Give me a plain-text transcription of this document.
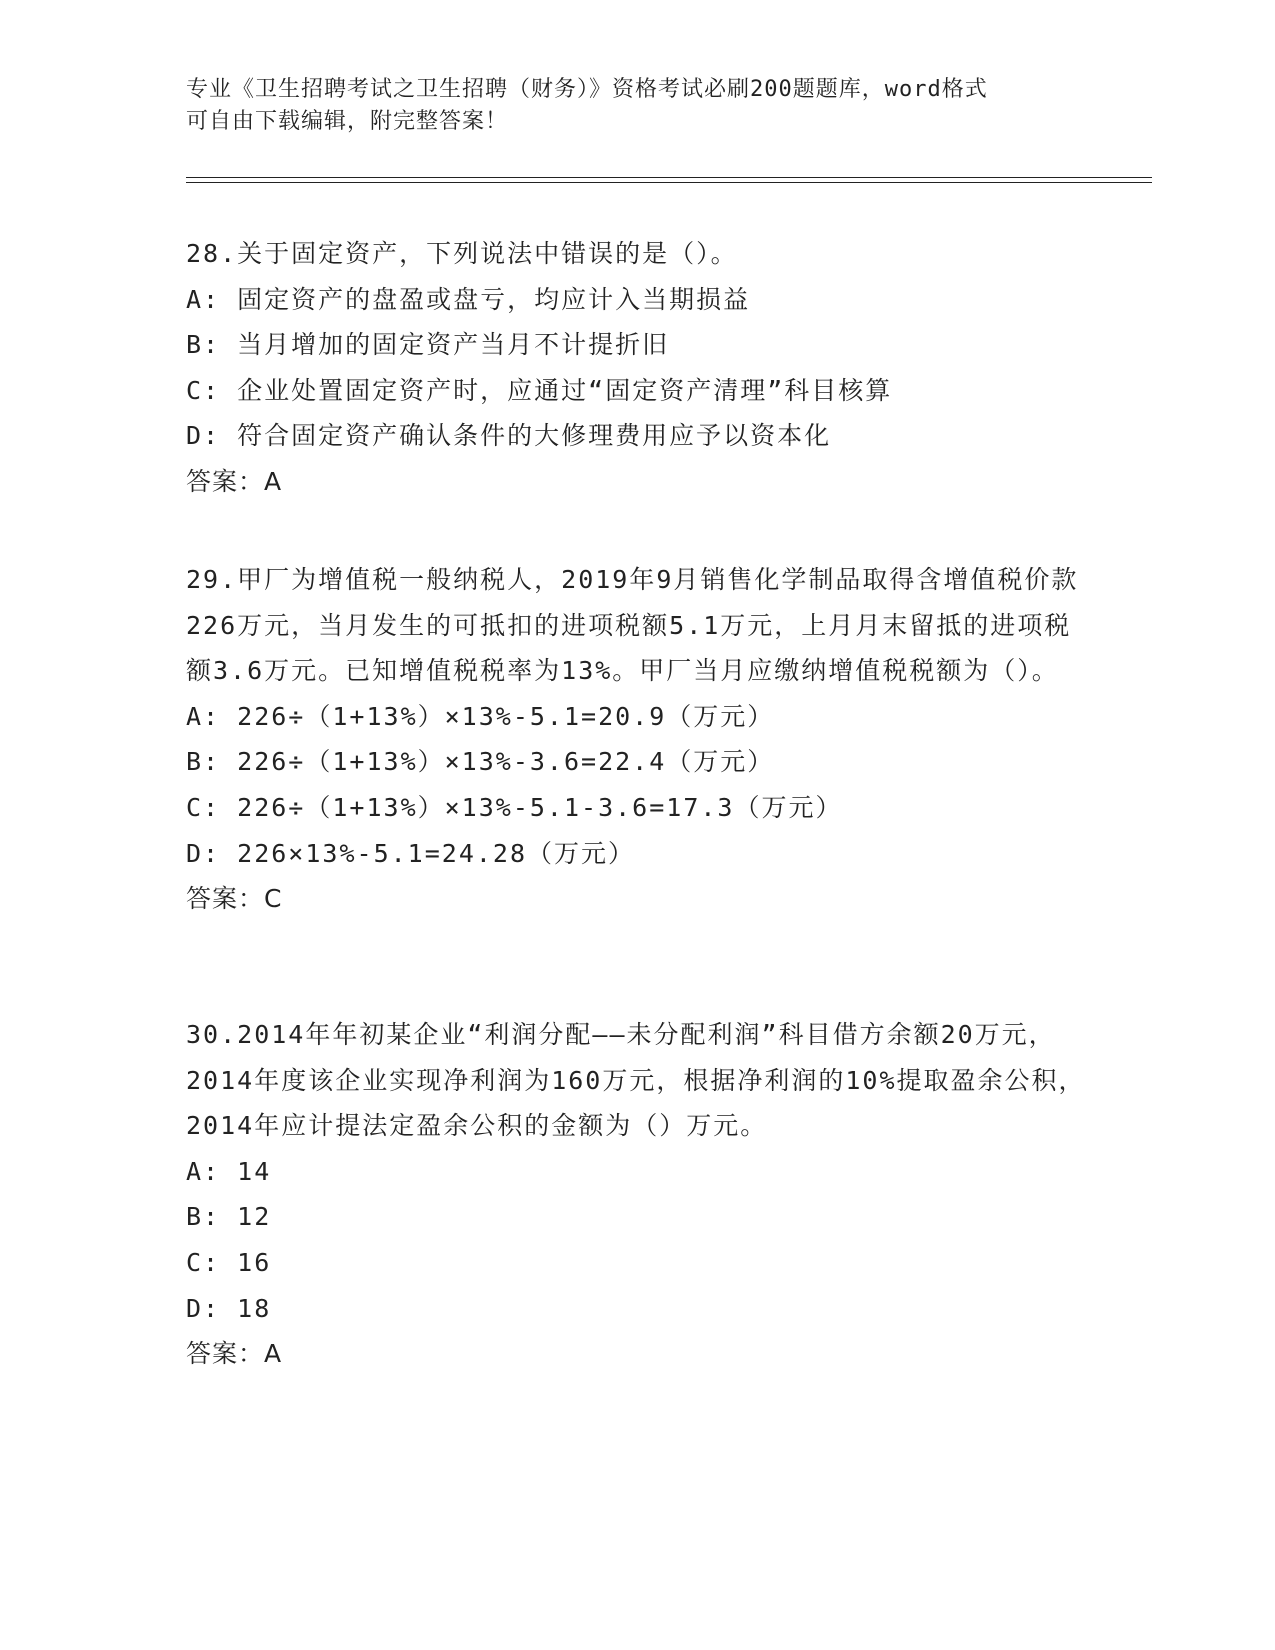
专业《卫生招聘考试之卫生招聘（财务）》资格考试必刷200题题库，word格式
可自由下载编辑，附完整答案！
28.关于固定资产，下列说法中错误的是（）。
A: 固定资产的盘盈或盘亏，均应计入当期损益
B: 当月增加的固定资产当月不计提折旧
C: 企业处置固定资产时，应通过“固定资产清理”科目核算
D: 符合固定资产确认条件的大修理费用应予以资本化
答案：A
29.甲厂为增值税一般纳税人，2019年9月销售化学制品取得含增值税价款226万元，当月发生的可抵扣的进项税额5.1万元，上月月末留抵的进项税额3.6万元。已知增值税税率为13%。甲厂当月应缴纳增值税税额为（）。
A: 226÷（1+13%）×13%-5.1=20.9（万元）
B: 226÷（1+13%）×13%-3.6=22.4（万元）
C: 226÷（1+13%）×13%-5.1-3.6=17.3（万元）
D: 226×13%-5.1=24.28（万元）
答案：C
30.2014年年初某企业“利润分配——未分配利润”科目借方余额20万元，2014年度该企业实现净利润为160万元，根据净利润的10%提取盈余公积，2014年应计提法定盈余公积的金额为（）万元。
A: 14
B: 12
C: 16
D: 18
答案：A
